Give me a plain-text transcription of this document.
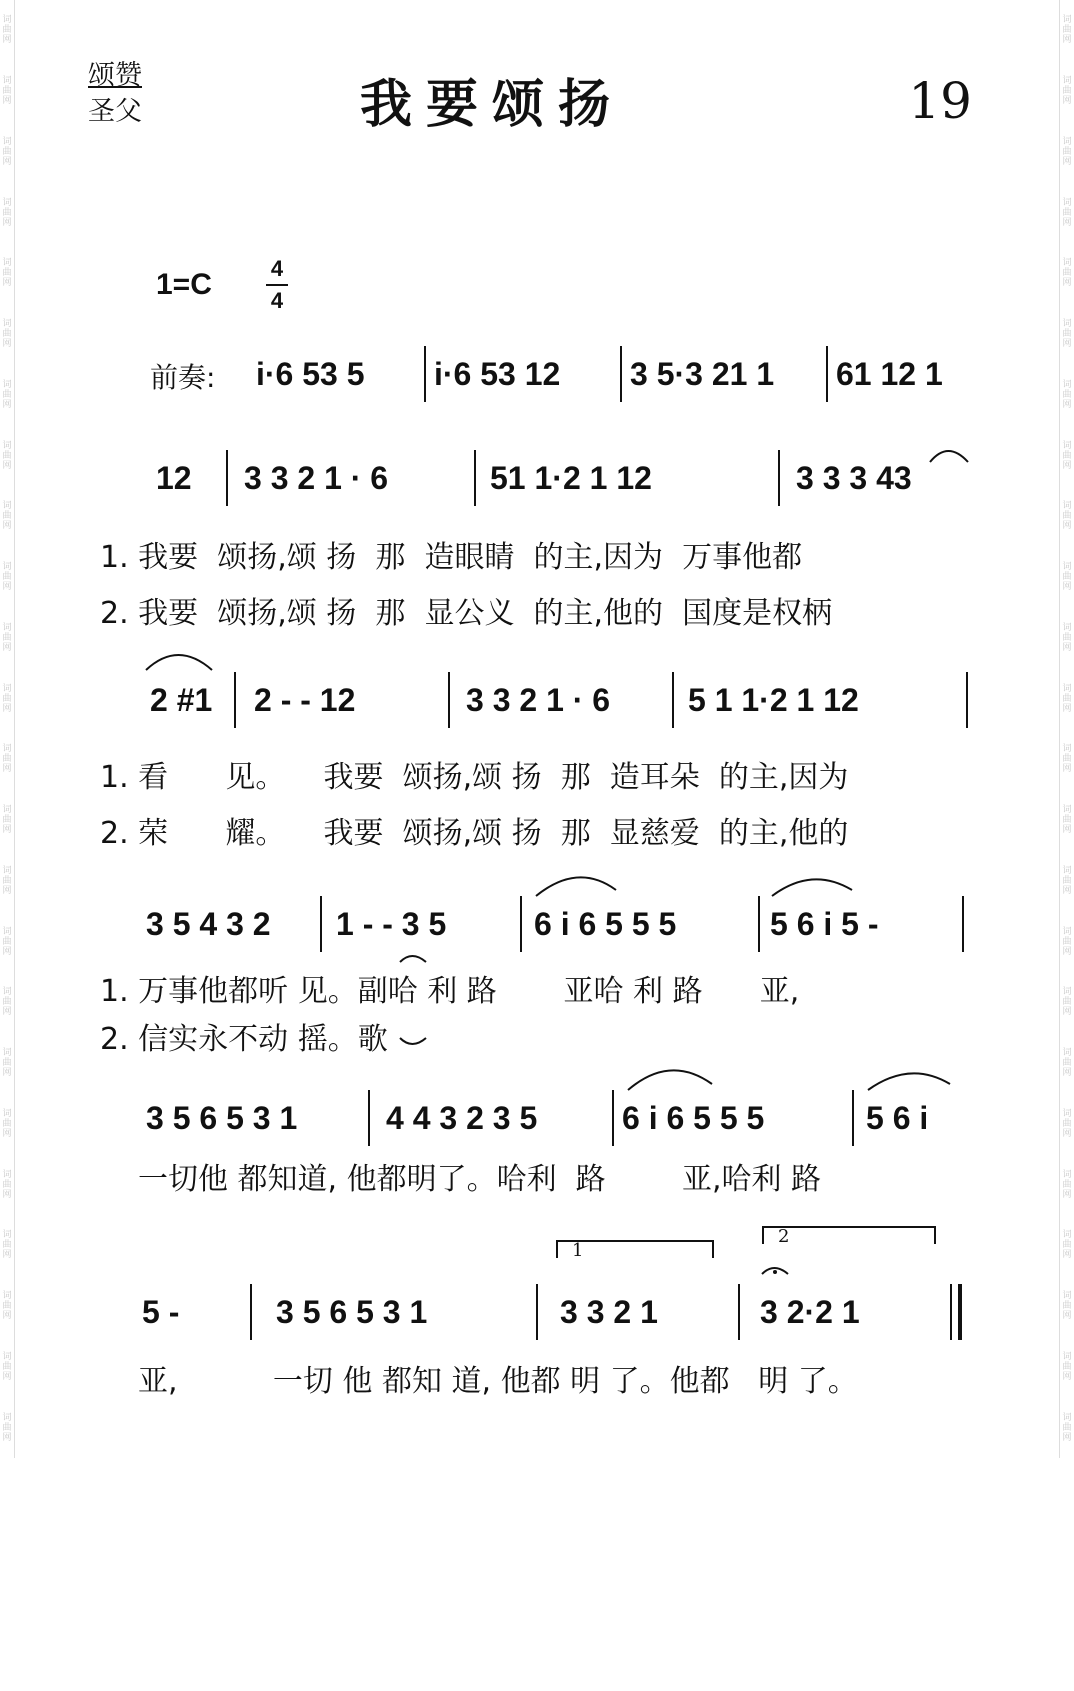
词
曲
网
词
曲
网
词
曲
网
词
曲
网
词
曲
网
词
曲
网
词
曲
网
词
曲
网
词
曲
网
词
曲
网
词
曲
网
词
曲
网
词
曲
网
词
曲
网
词
曲
网
词
曲
网
词
曲
网
词
曲
网
词
曲
网
词
曲
网
词
曲
网
词
曲
网
词
曲
网
词
曲
网
词
曲
网
词
曲
网
词
曲
网
词
曲
网
词
曲
网
词
曲
网
词
曲
网
词
曲
网
词
曲
网
词
曲
网
词
曲
网
词
曲
网
词
曲
网
词
曲
网
词
曲
网
词
曲
网
词
曲
网
词
曲
网
词
曲
网
词
曲
网
词
曲
网
词
曲
网
词
曲
网
词
曲
网
颂赞
圣父	我要颂扬	19
1=C	4
4
前奏:

i·6 53 5

i·6 53 12

3 5·3 21 1

61 12 1

12

3 3 2 1 · 6

	51 1·2 1 12

	3 3 3 43

1. 我要  颂扬,颂 扬  那  造眼睛  的主,因为  万事他都
2. 我要  颂扬,颂 扬  那  显公义  的主,他的  国度是权柄

2 #1

2 - - 12

	3 3 2 1 · 6

5 1 1·2 1 12

1. 看      见。    我要  颂扬,颂 扬  那  造耳朵  的主,因为
2. 荣      耀。    我要  颂扬,颂 扬  那  显慈爱  的主,他的

3 5 4 3 2

1 - - 3 5

	6 i 6 5 5 5

	5 6 i 5 -

1. 万事他都听 见。副哈 利 路       亚哈 利 路      亚,
2. 信实永不动 摇。歌

3 5 6 5 3 1

	4 4 3 2 3 5

	6 i 6 5 5 5

	5 6 i

一切他 都知道, 他都明了。哈利  路        亚,哈利 路
1
2

5 -

	3 5 6 5 3 1

	3 3 2 1

	3 2·2 1

亚,          一切 他 都知 道, 他都 明 了。他都   明 了。
